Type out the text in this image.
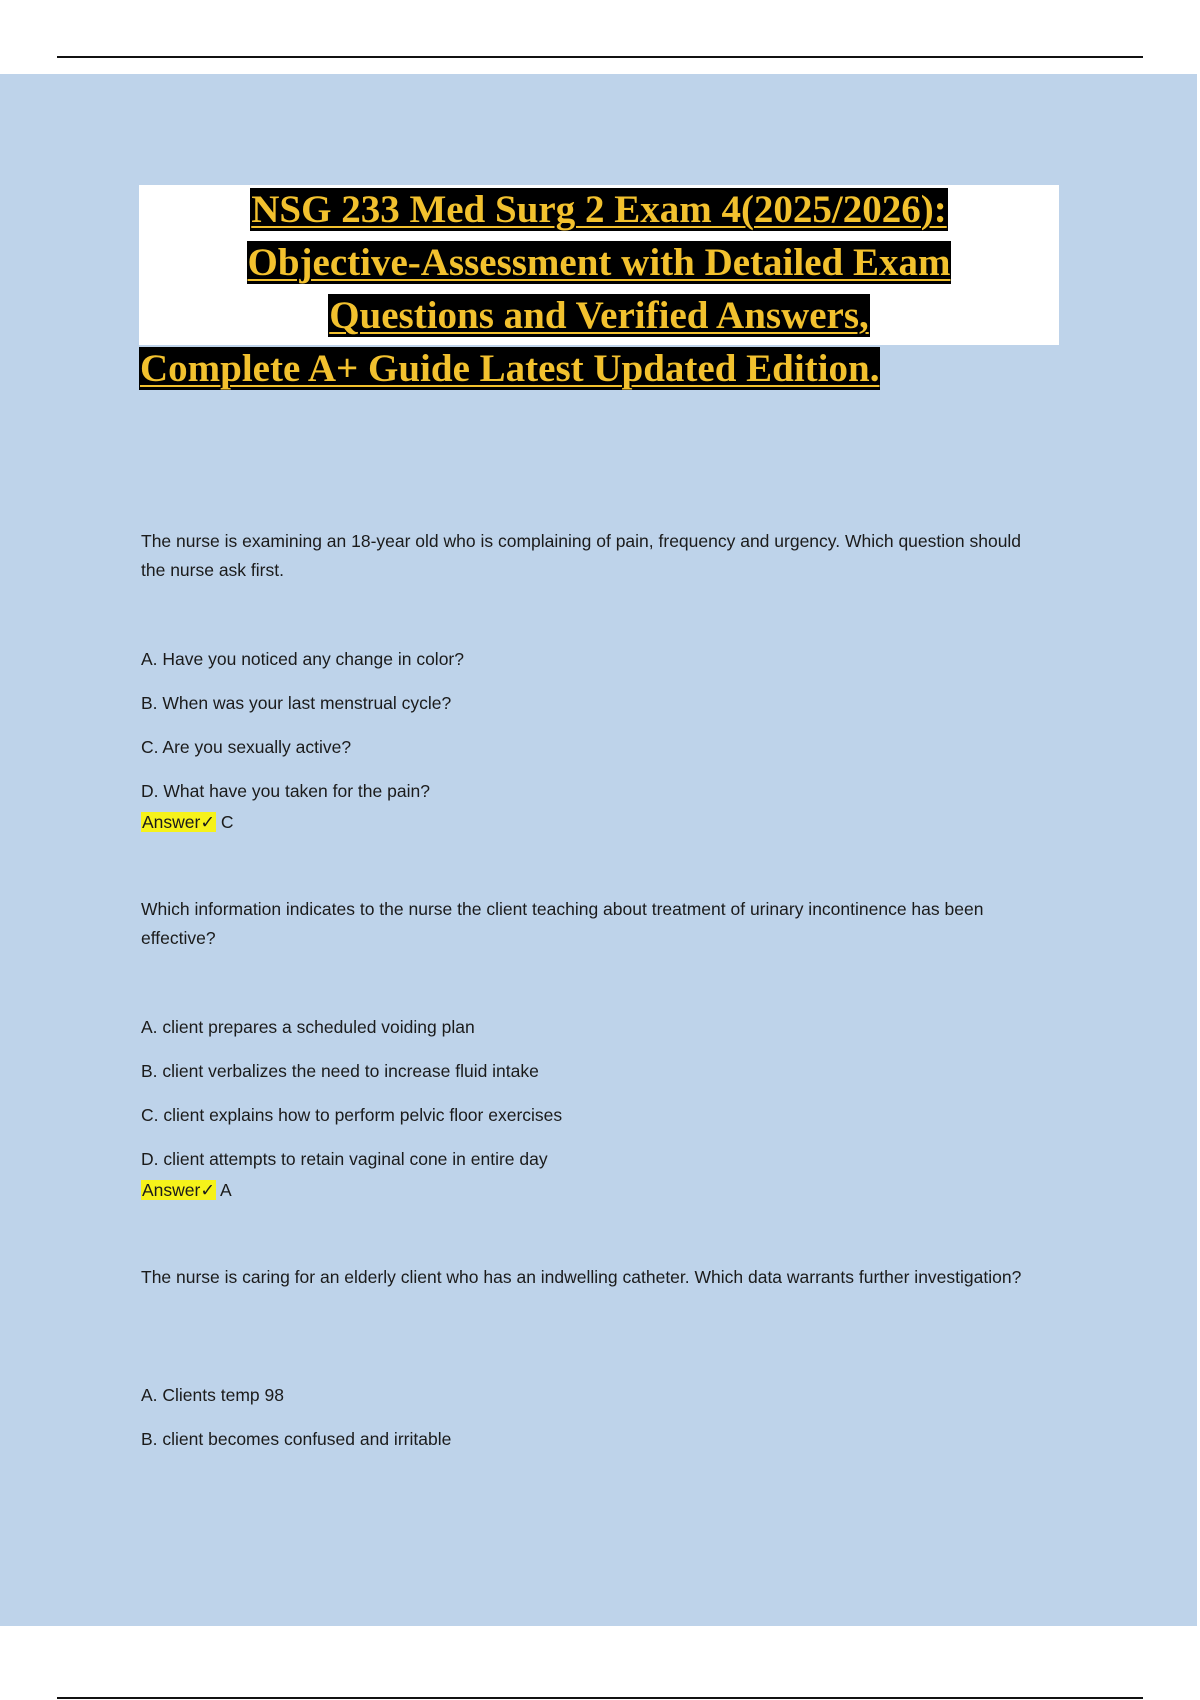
NSG 233 Med Surg 2 Exam 4(2025/2026):
Objective-Assessment with Detailed Exam
Questions and Verified Answers,
Complete A+ Guide Latest Updated Edition.

The nurse is examining an 18-year old who is complaining of pain, frequency and urgency. Which question should the nurse ask first.

A. Have you noticed any change in color?

B. When was your last menstrual cycle?

C. Are you sexually active?

D. What have you taken for the pain?

Answer✓ C

Which information indicates to the nurse the client teaching about treatment of urinary incontinence has been effective?

A. client prepares a scheduled voiding plan

B. client verbalizes the need to increase fluid intake

C. client explains how to perform pelvic floor exercises

D. client attempts to retain vaginal cone in entire day

Answer✓ A

The nurse is caring for an elderly client who has an indwelling catheter. Which data warrants further investigation?

A. Clients temp 98

B. client becomes confused and irritable
